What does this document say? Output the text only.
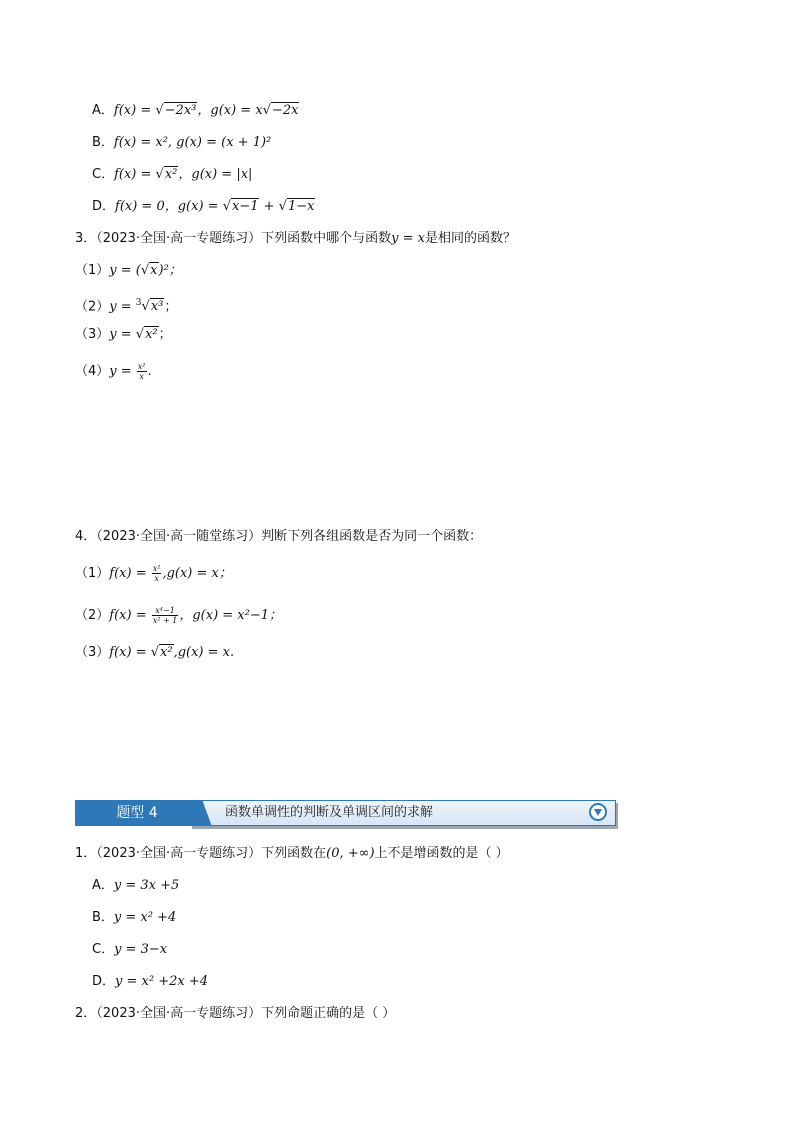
A．f(x) = √−2x³，g(x) = x√−2x
B．f(x) = x², g(x) = (x + 1)²
C．f(x) = √x²，g(x) = |x|
D．f(x) = 0，g(x) = √x−1 + √1−x
3．（2023·全国·高一专题练习）下列函数中哪个与函数y = x是相同的函数？
（1）y = (√x)²；
（2）y = $^3$√x³；
（3）y = √x²；
$(4)y = \frac{\text{x²}}{x}$ .
4．（2023·全国·高一随堂练习）判断下列各组函数是否为同一个函数：
$(1)f(x) = \frac{\text{x²}}{x} ,g(x) = x$；
$(2)f(x) = \frac{\text{x⁴−1}}{\text{x² + 1}}$ ，g(x) = x²−1；
（3）f(x) = √x²,g(x) = x.
题型 4	函数单调性的判断及单调区间的求解
1．（2023·全国·高一专题练习）下列函数在(0, +∞)上不是增函数的是（ ）
A．y = 3x +5
B．y = x² +4
C．y = 3−x
D．y = x² +2x +4
2．（2023·全国·高一专题练习）下列命题正确的是（ ）
